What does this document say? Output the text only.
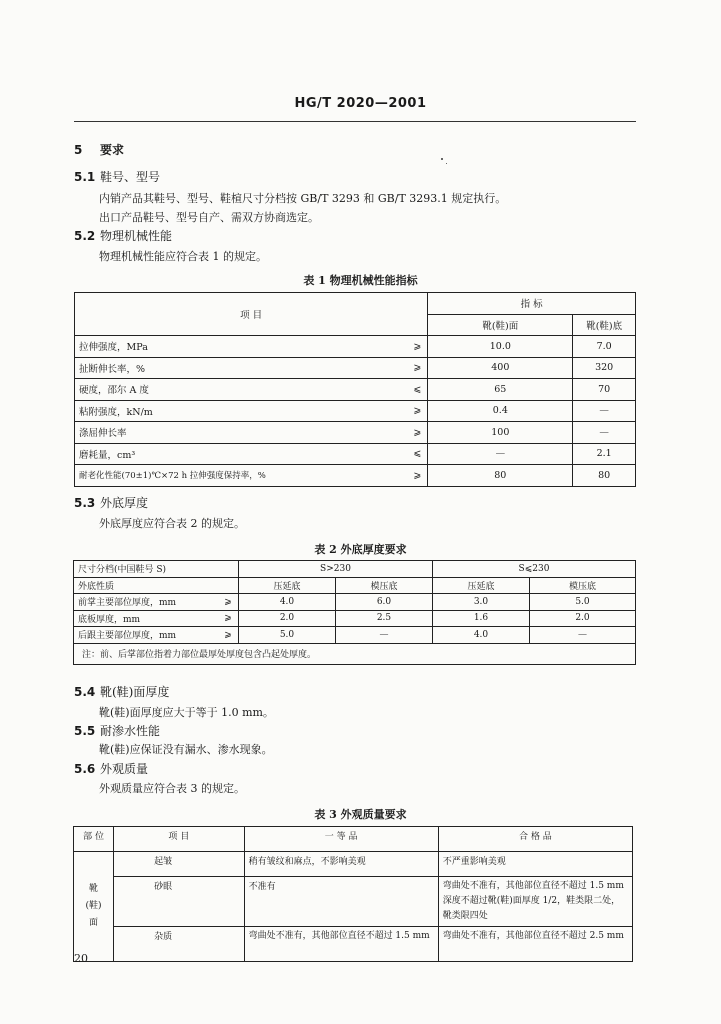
HG/T 2020—2001
5 要求
5.1 鞋号、型号
内销产品其鞋号、型号、鞋楦尺寸分档按 GB/T 3293 和 GB/T 3293.1 规定执行。
出口产品鞋号、型号自产、需双方协商选定。
5.2 物理机械性能
物理机械性能应符合表 1 的规定。
表 1 物理机械性能指标
项 目		指 标	
		靴(鞋)面	靴(鞋)底
拉伸强度，MPa	⩾	10.0	7.0
扯断伸长率，%	⩾	400	320
硬度，邵尔 A 度	⩽	65	70
粘附强度，kN/m	⩾	0.4	—
涤屈伸长率	⩾	100	—
磨耗量，cm³	⩽	—	2.1
耐老化性能(70±1)℃×72 h 拉伸强度保持率，%	⩾	80	80
5.3 外底厚度
外底厚度应符合表 2 的规定。
表 2 外底厚度要求
尺寸分档(中国鞋号 S)		S>230		S⩽230	
外底性质		压延底	模压底	压延底	模压底
前掌主要部位厚度，mm	⩾	4.0	6.0	3.0	5.0
底板厚度，mm	⩾	2.0	2.5	1.6	2.0
后跟主要部位厚度，mm	⩾	5.0	—	4.0	—
注：前、后掌部位指着力部位最厚处厚度包含凸起处厚度。					
5.4 靴(鞋)面厚度
靴(鞋)面厚度应大于等于 1.0 mm。
5.5 耐渗水性能
靴(鞋)应保证没有漏水、渗水现象。
5.6 外观质量
外观质量应符合表 3 的规定。
表 3 外观质量要求
部 位	项 目	一 等 品	合 格 品
靴
(鞋)
面	起皱	稍有皱纹和麻点，不影响美观	不严重影响美观
	砂眼	不准有	弯曲处不准有，其他部位直径不超过 1.5 mm 深度不超过靴(鞋)面厚度 1/2，鞋类限二处，靴类限四处
	杂质	弯曲处不准有，其他部位直径不超过 1.5 mm	弯曲处不准有，其他部位直径不超过 2.5 mm
20
